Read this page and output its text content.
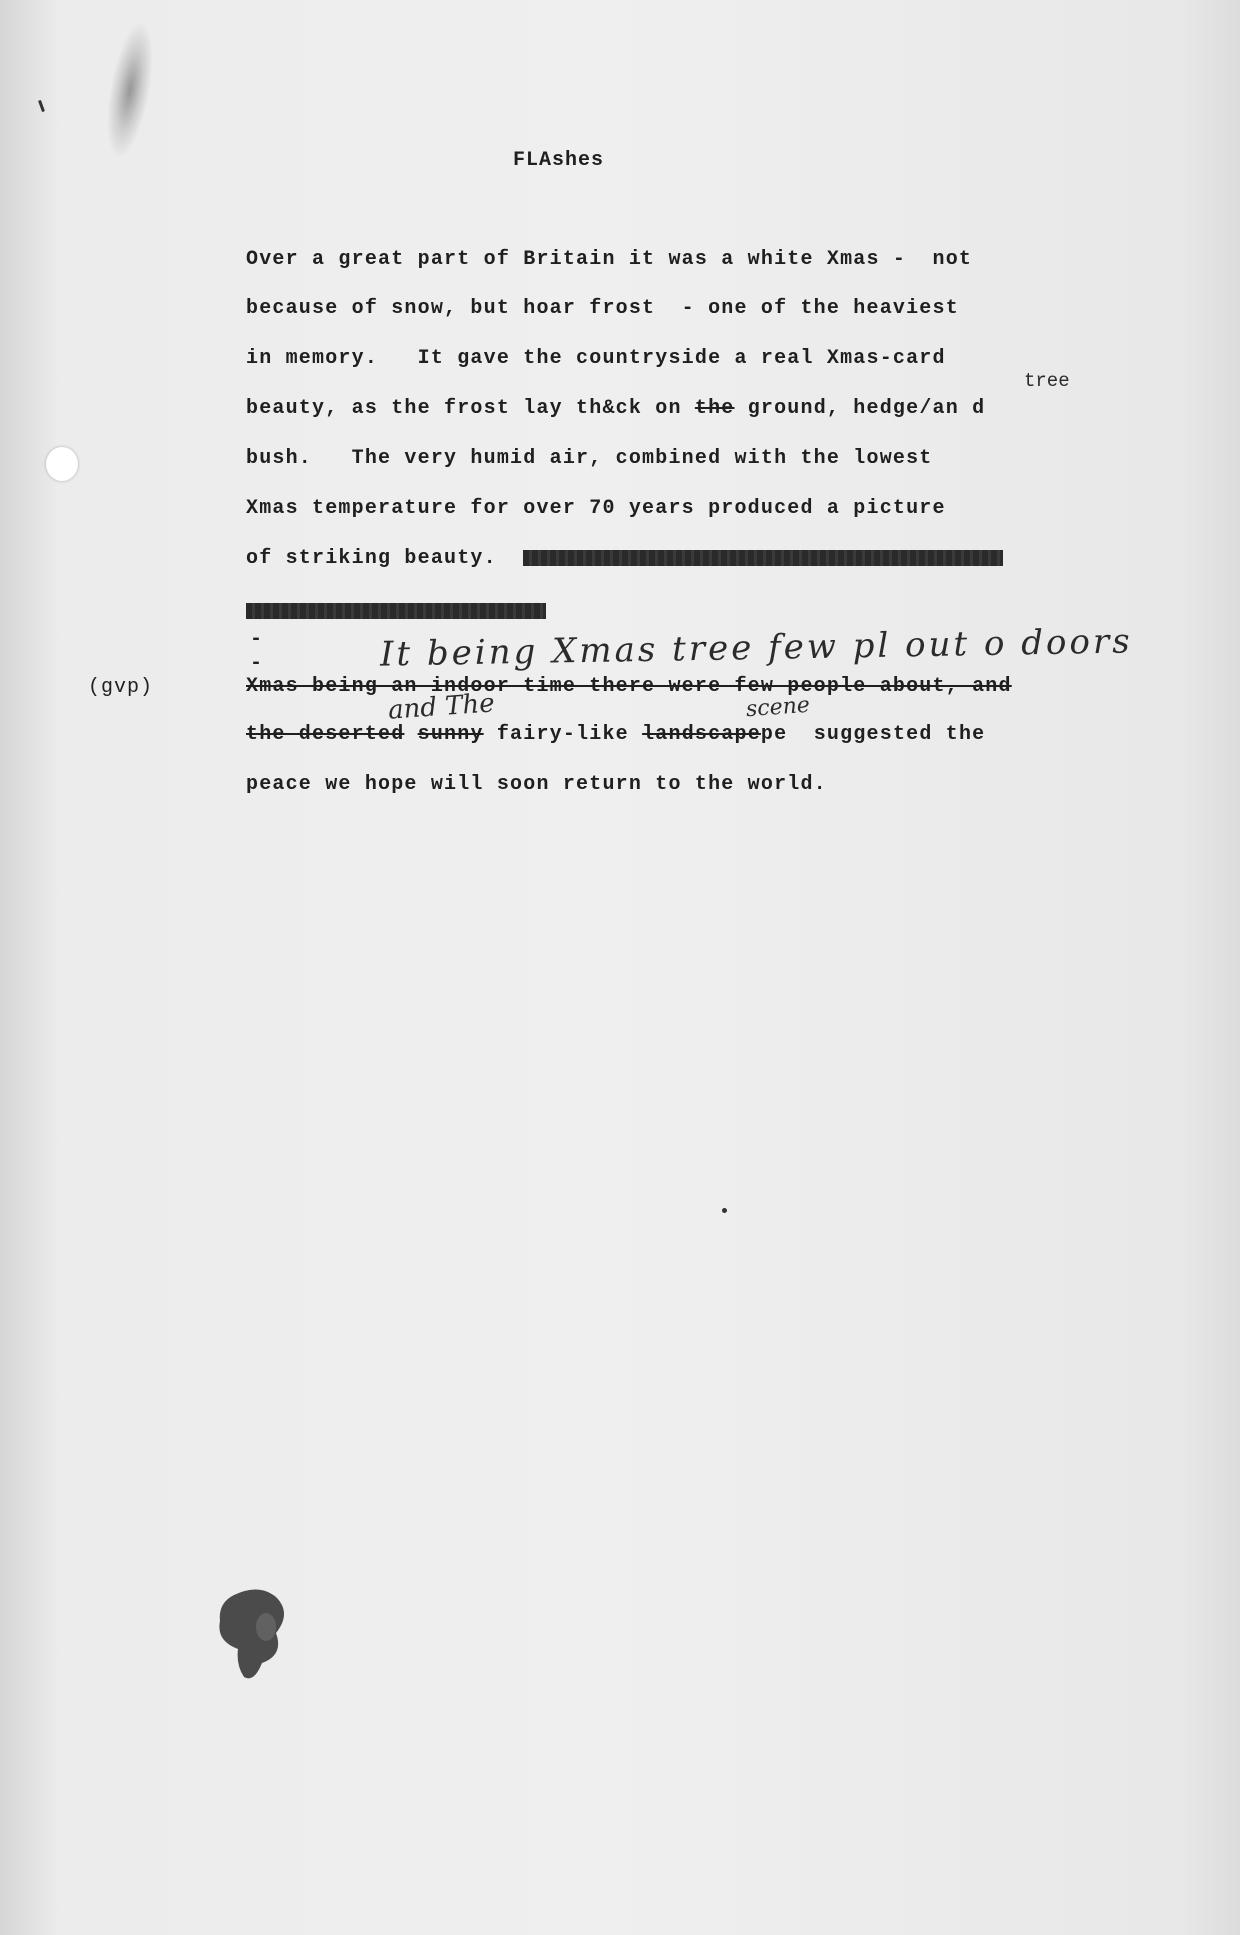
FLAshes
Over a great part of Britain it was a white Xmas -  not
because of snow, but hoar frost  - one of the heaviest
in memory.   It gave the countryside a real Xmas-card
tree
beauty, as the frost lay th&ck on the ground, hedge/an d
bush.   The very humid air, combined with the lowest
Xmas temperature for over 70 years produced a picture
of striking beauty.
-
-	It being Xmas tree few pl out o doors
(gvp)	Xmas being an indoor time there were few people about, and
and The	scene
the deserted sunny fairy-like landscapepe suggested the
peace we hope will soon return to the world.
